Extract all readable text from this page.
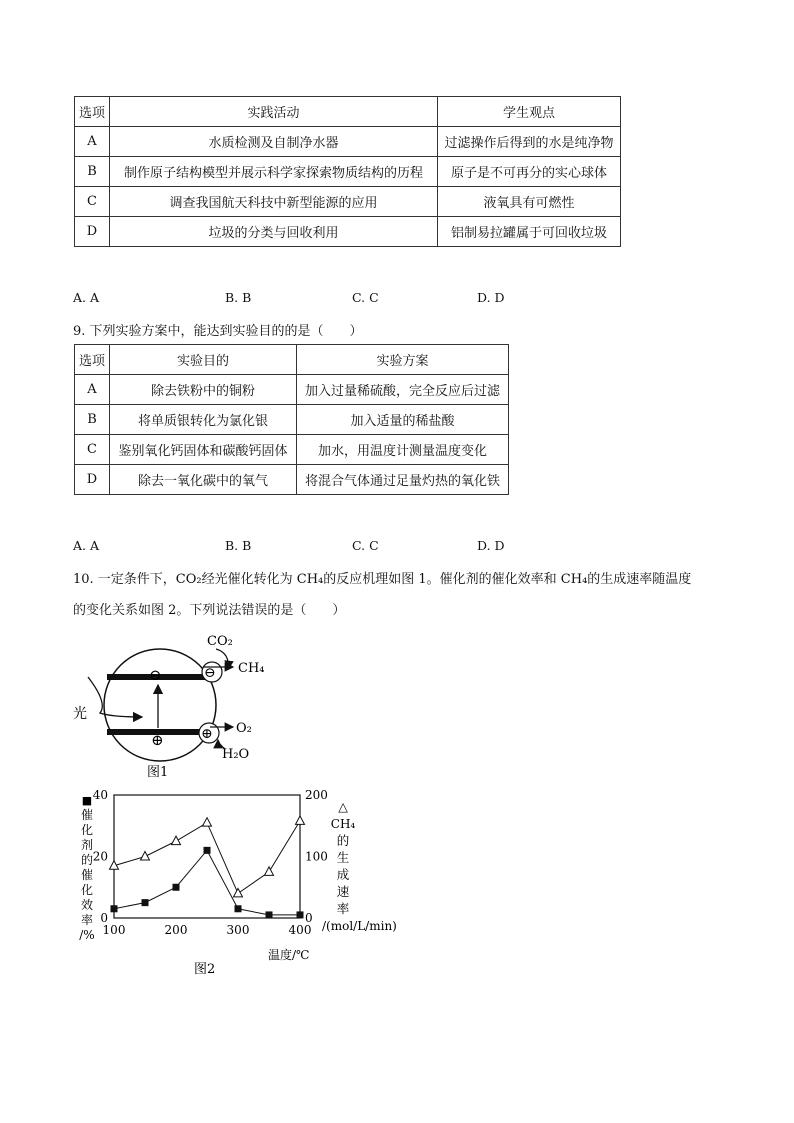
选项	实践活动	学生观点
A	水质检测及自制净水器	过滤操作后得到的水是纯净物
B	制作原子结构模型并展示科学家探索物质结构的历程	原子是不可再分的实心球体
C	调查我国航天科技中新型能源的应用	液氧具有可燃性
D	垃圾的分类与回收利用	铝制易拉罐属于可回收垃圾
A. A	B. B	C. C	D. D
9. 下列实验方案中，能达到实验目的的是（　　）
选项	实验目的	实验方案
A	除去铁粉中的铜粉	加入过量稀硫酸，完全反应后过滤
B	将单质银转化为氯化银	加入适量的稀盐酸
C	鉴别氧化钙固体和碳酸钙固体	加水，用温度计测量温度变化
D	除去一氧化碳中的氧气	将混合气体通过足量灼热的氧化铁
A. A	B. B	C. C	D. D
10. 一定条件下，CO₂经光催化转化为 CH₄的反应机理如图 1。催化剂的催化效率和 CH₄的生成速率随温度
的变化关系如图 2。下列说法错误的是（　　）
光
⊖
⊕
⊖
⊕
CO₂
CH₄
O₂
H₂O
图1
40
20
0
200
100
0
100	200	300	400
■
催
化
剂
的
催
化
效
率
/%
△
CH₄
的
生
成
速
率
/(mol/L/min)
温度/℃
图2
